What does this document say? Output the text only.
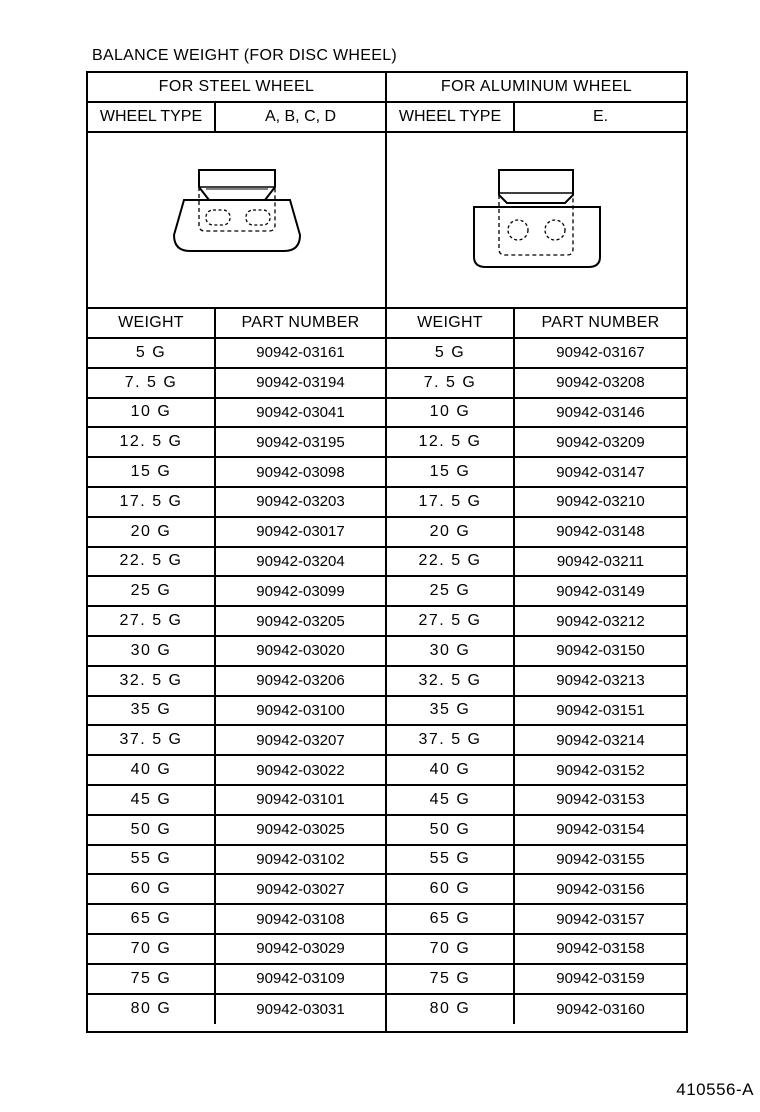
BALANCE WEIGHT (FOR DISC WHEEL)
FOR STEEL WHEEL
WHEEL TYPE	A, B, C, D
WEIGHT	PART NUMBER
5 G	90942-03161
7. 5 G	90942-03194
10 G	90942-03041
12. 5 G	90942-03195
15 G	90942-03098
17. 5 G	90942-03203
20 G	90942-03017
22. 5 G	90942-03204
25 G	90942-03099
27. 5 G	90942-03205
30 G	90942-03020
32. 5 G	90942-03206
35 G	90942-03100
37. 5 G	90942-03207
40 G	90942-03022
45 G	90942-03101
50 G	90942-03025
55 G	90942-03102
60 G	90942-03027
65 G	90942-03108
70 G	90942-03029
75 G	90942-03109
80 G	90942-03031
FOR ALUMINUM WHEEL
WHEEL TYPE	E.
WEIGHT	PART NUMBER
5 G	90942-03167
7. 5 G	90942-03208
10 G	90942-03146
12. 5 G	90942-03209
15 G	90942-03147
17. 5 G	90942-03210
20 G	90942-03148
22. 5 G	90942-03211
25 G	90942-03149
27. 5 G	90942-03212
30 G	90942-03150
32. 5 G	90942-03213
35 G	90942-03151
37. 5 G	90942-03214
40 G	90942-03152
45 G	90942-03153
50 G	90942-03154
55 G	90942-03155
60 G	90942-03156
65 G	90942-03157
70 G	90942-03158
75 G	90942-03159
80 G	90942-03160
410556-A
